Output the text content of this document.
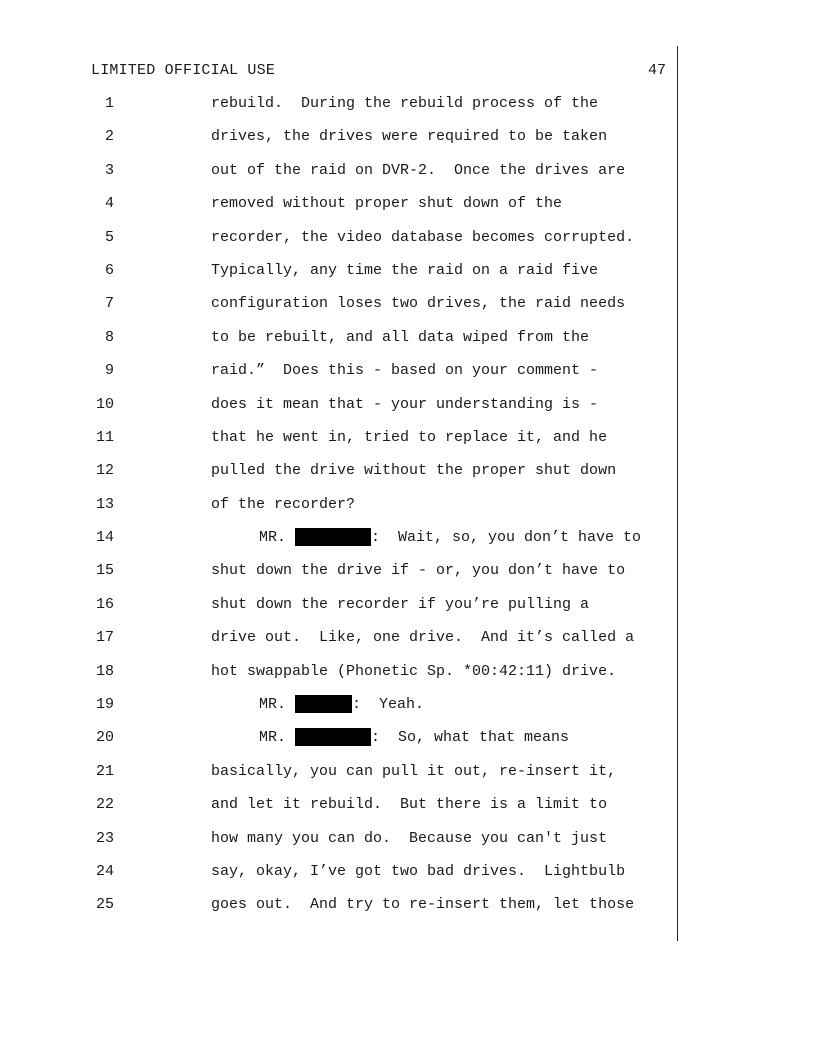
LIMITED OFFICIAL USE	47
1	rebuild.  During the rebuild process of the
2	drives, the drives were required to be taken
3	out of the raid on DVR-2.  Once the drives are
4	removed without proper shut down of the
5	recorder, the video database becomes corrupted.
6	Typically, any time the raid on a raid five
7	configuration loses two drives, the raid needs
8	to be rebuilt, and all data wiped from the
9	raid.”  Does this - based on your comment -
10	does it mean that - your understanding is -
11	that he went in, tried to replace it, and he
12	pulled the drive without the proper shut down
13	of the recorder?
14	MR.	:  Wait, so, you don’t have to
15	shut down the drive if - or, you don’t have to
16	shut down the recorder if you’re pulling a
17	drive out.  Like, one drive.  And it’s called a
18	hot swappable (Phonetic Sp. *00:42:11) drive.
19	MR.	:  Yeah.
20	MR.	:  So, what that means
21	basically, you can pull it out, re-insert it,
22	and let it rebuild.  But there is a limit to
23	how many you can do.  Because you can't just
24	say, okay, I’ve got two bad drives.  Lightbulb
25	goes out.  And try to re-insert them, let those
